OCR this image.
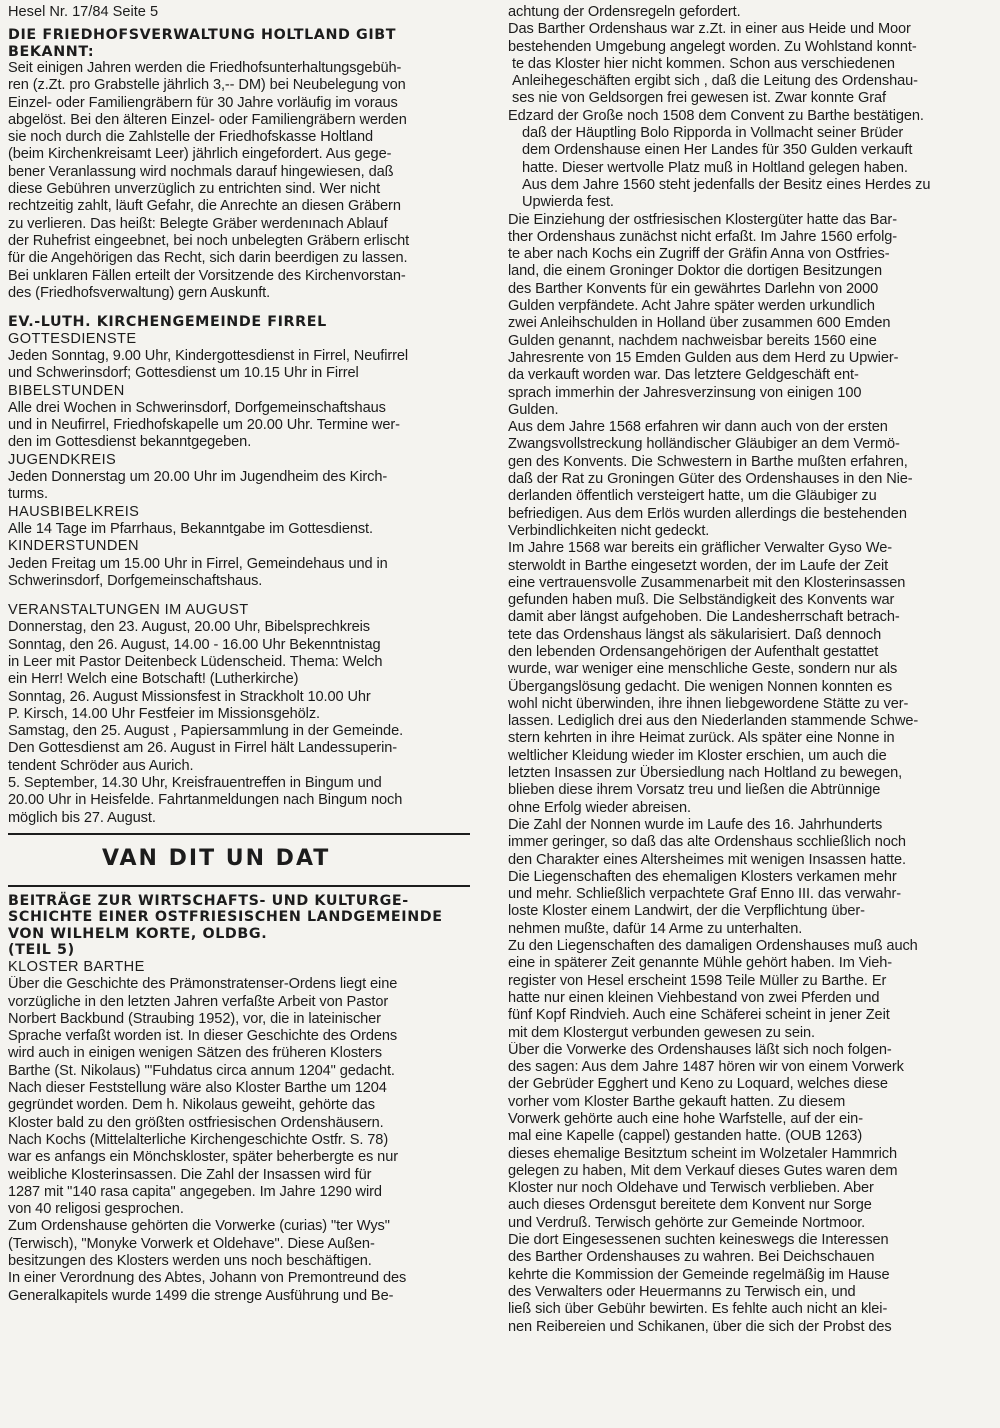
Hesel Nr. 17/84 Seite 5
DIE FRIEDHOFSVERWALTUNG HOLTLAND GIBT
BEKANNT:
Seit einigen Jahren werden die Friedhofsunterhaltungsgebüh-
ren (z.Zt. pro Grabstelle jährlich 3,-- DM) bei Neubelegung von
Einzel- oder Familiengräbern für 30 Jahre vorläufig im voraus
abgelöst. Bei den älteren Einzel- oder Familiengräbern werden
sie noch durch die Zahlstelle der Friedhofskasse Holtland
(beim Kirchenkreisamt Leer) jährlich eingefordert. Aus gege-
bener Veranlassung wird nochmals darauf hingewiesen, daß
diese Gebühren unverzüglich zu entrichten sind. Wer nicht
rechtzeitig zahlt, läuft Gefahr, die Anrechte an diesen Gräbern
zu verlieren. Das heißt: Belegte Gräber werdenınach Ablauf
der Ruhefrist eingeebnet, bei noch unbelegten Gräbern erlischt
für die Angehörigen das Recht, sich darin beerdigen zu lassen.
Bei unklaren Fällen erteilt der Vorsitzende des Kirchenvorstan-
des (Friedhofsverwaltung) gern Auskunft.
EV.-LUTH. KIRCHENGEMEINDE FIRREL
GOTTESDIENSTE
Jeden Sonntag, 9.00 Uhr, Kindergottesdienst in Firrel, Neufirrel
und Schwerinsdorf; Gottesdienst um 10.15 Uhr in Firrel
BIBELSTUNDEN
Alle drei Wochen in Schwerinsdorf, Dorfgemeinschaftshaus
und in Neufirrel, Friedhofskapelle um 20.00 Uhr. Termine wer-
den im Gottesdienst bekanntgegeben.
JUGENDKREIS
Jeden Donnerstag um 20.00 Uhr im Jugendheim des Kirch-
turms.
HAUSBIBELKREIS
Alle 14 Tage im Pfarrhaus, Bekanntgabe im Gottesdienst.
KINDERSTUNDEN
Jeden Freitag um 15.00 Uhr in Firrel, Gemeindehaus und in
Schwerinsdorf, Dorfgemeinschaftshaus.
VERANSTALTUNGEN IM AUGUST
Donnerstag, den 23. August, 20.00 Uhr, Bibelsprechkreis
Sonntag, den 26. August, 14.00 - 16.00 Uhr Bekenntnistag
in Leer mit Pastor Deitenbeck Lüdenscheid. Thema: Welch
ein Herr! Welch eine Botschaft! (Lutherkirche)
Sonntag, 26. August Missionsfest in Strackholt 10.00 Uhr
P. Kirsch, 14.00 Uhr Festfeier im Missionsgehölz.
Samstag, den 25. August , Papiersammlung in der Gemeinde.
Den Gottesdienst am 26. August in Firrel hält Landessuperin-
tendent Schröder aus Aurich.
5. September, 14.30 Uhr, Kreisfrauentreffen in Bingum und
20.00 Uhr in Heisfelde. Fahrtanmeldungen nach Bingum noch
möglich bis 27. August.
VAN DIT UN DAT
BEITRÄGE ZUR WIRTSCHAFTS- UND KULTURGE-
SCHICHTE EINER OSTFRIESISCHEN LANDGEMEINDE
VON WILHELM KORTE, OLDBG.
(TEIL 5)
KLOSTER BARTHE
Über die Geschichte des Prämonstratenser-Ordens liegt eine
vorzügliche in den letzten Jahren verfaßte Arbeit von Pastor
Norbert Backbund (Straubing 1952), vor, die in lateinischer
Sprache verfaßt worden ist. In dieser Geschichte des Ordens
wird auch in einigen wenigen Sätzen des früheren Klosters
Barthe (St. Nikolaus) "'Fuhdatus circa annum 1204" gedacht.
Nach dieser Feststellung wäre also Kloster Barthe um 1204
gegründet worden. Dem h. Nikolaus geweiht, gehörte das
Kloster bald zu den größten ostfriesischen Ordenshäusern.
Nach Kochs (Mittelalterliche Kirchengeschichte Ostfr. S. 78)
war es anfangs ein Mönchskloster, später beherbergte es nur
weibliche Klosterinsassen. Die Zahl der Insassen wird für
1287 mit "140 rasa capita" angegeben. Im Jahre 1290 wird
von 40 religosi gesprochen.
Zum Ordenshause gehörten die Vorwerke (curias) "ter Wys"
(Terwisch), "Monyke Vorwerk et Oldehave". Diese Außen-
besitzungen des Klosters werden uns noch beschäftigen.
In einer Verordnung des Abtes, Johann von Premontreund des
Generalkapitels wurde 1499 die strenge Ausführung und Be-
achtung der Ordensregeln gefordert.
Das Barther Ordenshaus war z.Zt. in einer aus Heide und Moor
bestehenden Umgebung angelegt worden. Zu Wohlstand konnt-
te das Kloster hier nicht kommen. Schon aus verschiedenen
Anleihegeschäften ergibt sich , daß die Leitung des Ordenshau-
ses nie von Geldsorgen frei gewesen ist. Zwar konnte Graf
Edzard der Große noch 1508 dem Convent zu Barthe bestätigen.
daß der Häuptling Bolo Ripporda in Vollmacht seiner Brüder
dem Ordenshause einen Her Landes für 350 Gulden verkauft
hatte. Dieser wertvolle Platz muß in Holtland gelegen haben.
Aus dem Jahre 1560 steht jedenfalls der Besitz eines Herdes zu
Upwierda fest.
Die Einziehung der ostfriesischen Klostergüter hatte das Bar-
ther Ordenshaus zunächst nicht erfaßt. Im Jahre 1560 erfolg-
te aber nach Kochs ein Zugriff der Gräfin Anna von Ostfries-
land, die einem Groninger Doktor die dortigen Besitzungen
des Barther Konvents für ein gewährtes Darlehn von 2000
Gulden verpfändete. Acht Jahre später werden urkundlich
zwei Anleihschulden in Holland über zusammen 600 Emden
Gulden genannt, nachdem nachweisbar bereits 1560 eine
Jahresrente von 15 Emden Gulden aus dem Herd zu Upwier-
da verkauft worden war. Das letztere Geldgeschäft ent-
sprach immerhin der Jahresverzinsung von einigen 100
Gulden.
Aus dem Jahre 1568 erfahren wir dann auch von der ersten
Zwangsvollstreckung holländischer Gläubiger an dem Vermö-
gen des Konvents. Die Schwestern in Barthe mußten erfahren,
daß der Rat zu Groningen Güter des Ordenshauses in den Nie-
derlanden öffentlich versteigert hatte, um die Gläubiger zu
befriedigen. Aus dem Erlös wurden allerdings die bestehenden
Verbindlichkeiten nicht gedeckt.
Im Jahre 1568 war bereits ein gräflicher Verwalter Gyso We-
sterwoldt in Barthe eingesetzt worden, der im Laufe der Zeit
eine vertrauensvolle Zusammenarbeit mit den Klosterinsassen
gefunden haben muß. Die Selbständigkeit des Konvents war
damit aber längst aufgehoben. Die Landesherrschaft betrach-
tete das Ordenshaus längst als säkularisiert. Daß dennoch
den lebenden Ordensangehörigen der Aufenthalt gestattet
wurde, war weniger eine menschliche Geste, sondern nur als
Übergangslösung gedacht. Die wenigen Nonnen konnten es
wohl nicht überwinden, ihre ihnen liebgewordene Stätte zu ver-
lassen. Lediglich drei aus den Niederlanden stammende Schwe-
stern kehrten in ihre Heimat zurück. Als später eine Nonne in
weltlicher Kleidung wieder im Kloster erschien, um auch die
letzten Insassen zur Übersiedlung nach Holtland zu bewegen,
blieben diese ihrem Vorsatz treu und ließen die Abtrünnige
ohne Erfolg wieder abreisen.
Die Zahl der Nonnen wurde im Laufe des 16. Jahrhunderts
immer geringer, so daß das alte Ordenshaus scchließlich noch
den Charakter eines Altersheimes mit wenigen Insassen hatte.
Die Liegenschaften des ehemaligen Klosters verkamen mehr
und mehr. Schließlich verpachtete Graf Enno III. das verwahr-
loste Kloster einem Landwirt, der die Verpflichtung über-
nehmen mußte, dafür 14 Arme zu unterhalten.
Zu den Liegenschaften des damaligen Ordenshauses muß auch
eine in späterer Zeit genannte Mühle gehört haben. Im Vieh-
register von Hesel erscheint 1598 Teile Müller zu Barthe. Er
hatte nur einen kleinen Viehbestand von zwei Pferden und
fünf Kopf Rindvieh. Auch eine Schäferei scheint in jener Zeit
mit dem Klostergut verbunden gewesen zu sein.
Über die Vorwerke des Ordenshauses läßt sich noch folgen-
des sagen: Aus dem Jahre 1487 hören wir von einem Vorwerk
der Gebrüder Egghert und Keno zu Loquard, welches diese
vorher vom Kloster Barthe gekauft hatten. Zu diesem
Vorwerk gehörte auch eine hohe Warfstelle, auf der ein-
mal eine Kapelle (cappel) gestanden hatte. (OUB 1263)
dieses ehemalige Besitztum scheint im Wolzetaler Hammrich
gelegen zu haben, Mit dem Verkauf dieses Gutes waren dem
Kloster nur noch Oldehave und Terwisch verblieben. Aber
auch dieses Ordensgut bereitete dem Konvent nur Sorge
und Verdruß. Terwisch gehörte zur Gemeinde Nortmoor.
Die dort Eingesessenen suchten keineswegs die Interessen
des Barther Ordenshauses zu wahren. Bei Deichschauen
kehrte die Kommission der Gemeinde regelmäßig im Hause
des Verwalters oder Heuermanns zu Terwisch ein, und
ließ sich über Gebühr bewirten. Es fehlte auch nicht an klei-
nen Reibereien und Schikanen, über die sich der Probst des
